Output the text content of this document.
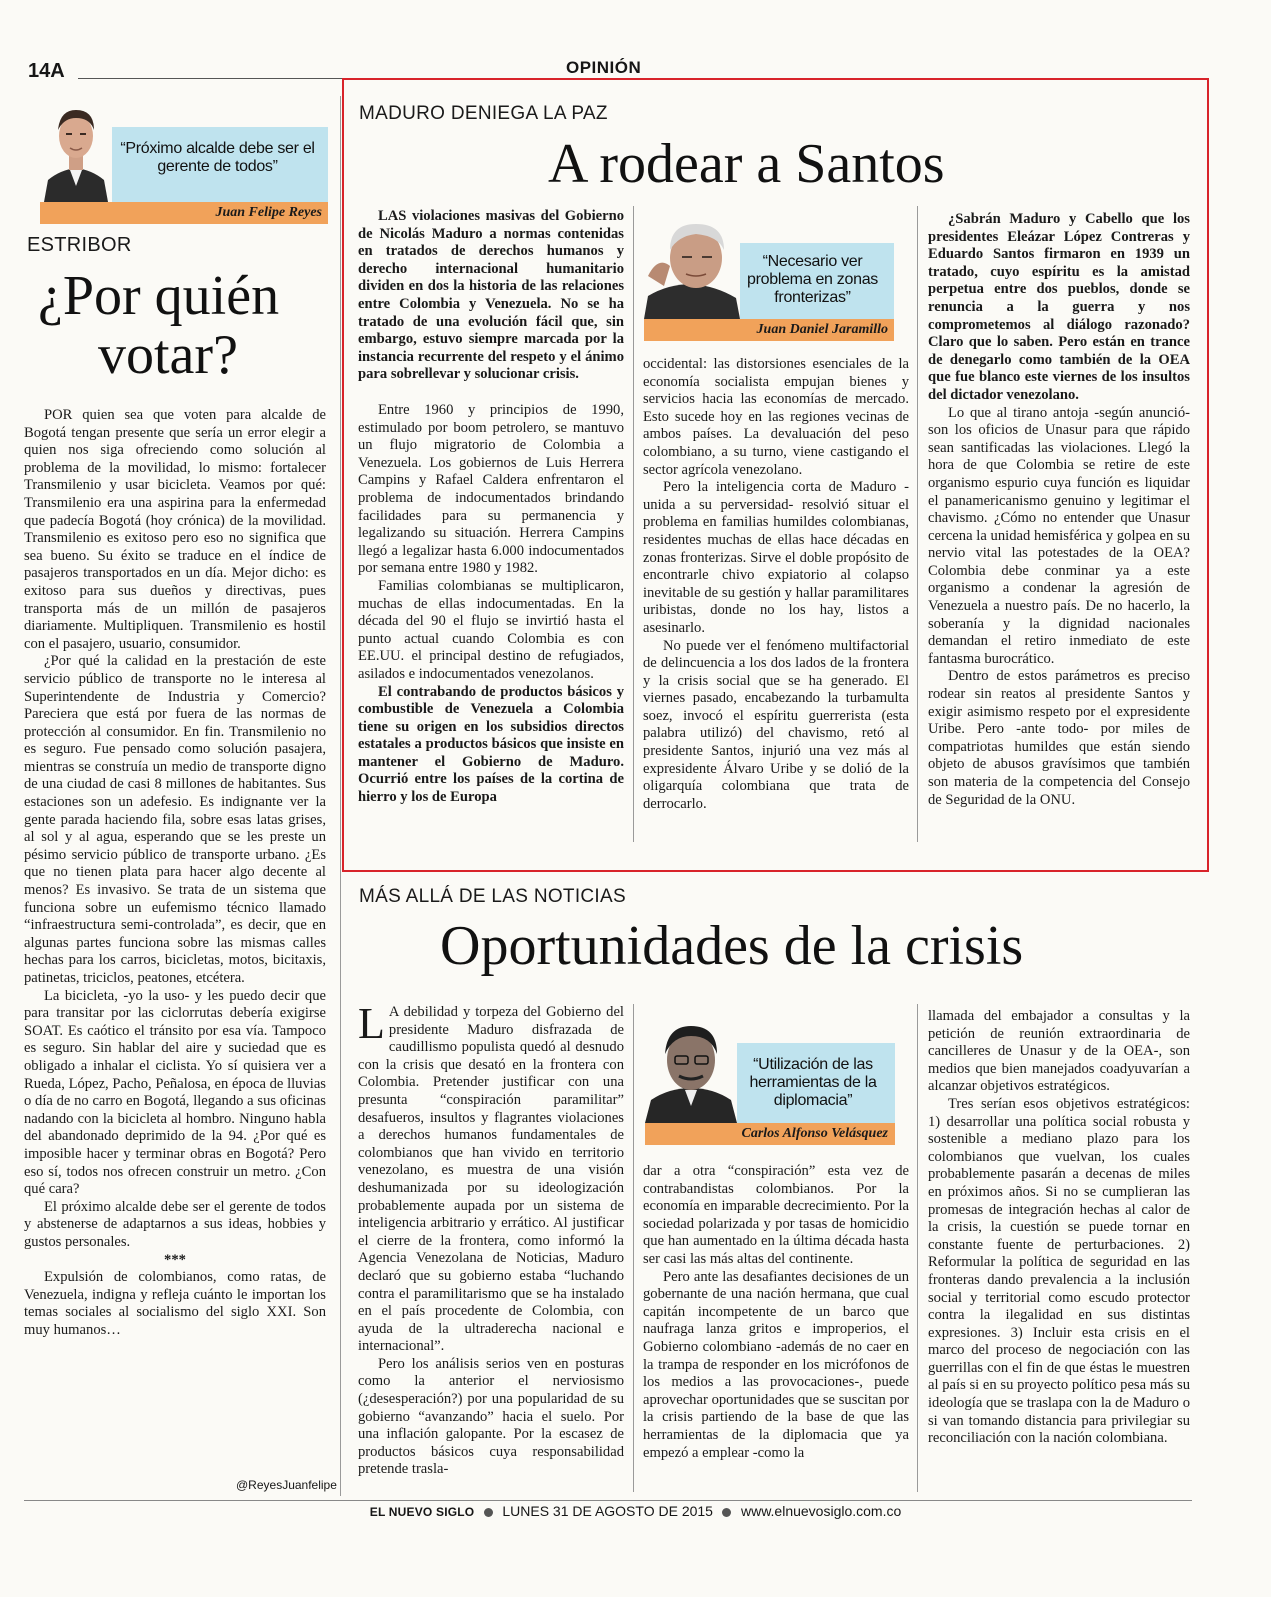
14A	OPINIÓN
“Próximo alcalde debe ser el gerente de todos”
Juan Felipe Reyes
ESTRIBOR
¿Por quién
votar?

POR quien sea que voten para alcalde de Bogotá tengan presente que sería un error elegir a quien nos siga ofreciendo como solución al problema de la movilidad, lo mismo: fortalecer Transmilenio y usar bicicleta. Veamos por qué: Transmilenio era una aspirina para la enfermedad que padecía Bogotá (hoy crónica) de la movilidad. Transmilenio es exitoso pero eso no significa que sea bueno. Su éxito se traduce en el índice de pasajeros transportados en un día. Mejor dicho: es exitoso para sus dueños y directivas, pues transporta más de un millón de pasajeros diariamente. Multipliquen. Transmilenio es hostil con el pasajero, usuario, consumidor.

¿Por qué la calidad en la prestación de este servicio público de transporte no le interesa al Superintendente de Industria y Comercio? Pareciera que está por fuera de las normas de protección al consumidor. En fin. Transmilenio no es seguro. Fue pensado como solución pasajera, mientras se construía un medio de transporte digno de una ciudad de casi 8 millones de habitantes. Sus estaciones son un adefesio. Es indignante ver la gente parada haciendo fila, sobre esas latas grises, al sol y al agua, esperando que se les preste un pésimo servicio público de transporte urbano. ¿Es que no tienen plata para hacer algo decente al menos? Es invasivo. Se trata de un sistema que funciona sobre un eufemismo técnico llamado “infraestructura semi-controlada”, es decir, que en algunas partes funciona sobre las mismas calles hechas para los carros, bicicletas, motos, bicitaxis, patinetas, triciclos, peatones, etcétera.

La bicicleta, -yo la uso- y les puedo decir que para transitar por las ciclorrutas debería exigirse SOAT. Es caótico el tránsito por esa vía. Tampoco es seguro. Sin hablar del aire y suciedad que es obligado a inhalar el ciclista. Yo sí quisiera ver a Rueda, López, Pacho, Peñalosa, en época de lluvias o día de no carro en Bogotá, llegando a sus oficinas nadando con la bicicleta al hombro. Ninguno habla del abandonado deprimido de la 94. ¿Por qué es imposible hacer y terminar obras en Bogotá? Pero eso sí, todos nos ofrecen construir un metro. ¿Con qué cara?

El próximo alcalde debe ser el gerente de todos y abstenerse de adaptarnos a sus ideas, hobbies y gustos personales.

***

Expulsión de colombianos, como ratas, de Venezuela, indigna y refleja cuánto le importan los temas sociales al socialismo del siglo XXI. Son muy humanos…

@ReyesJuanfelipe
MADURO DENIEGA LA PAZ
A rodear a Santos

LAS violaciones masivas del Gobierno de Nicolás Maduro a normas contenidas en tratados de derechos humanos y derecho internacional humanitario dividen en dos la historia de las relaciones entre Colombia y Venezuela. No se ha tratado de una evolución fácil que, sin embargo, estuvo siempre marcada por la instancia recurrente del respeto y el ánimo para sobrellevar y solucionar crisis.

Entre 1960 y principios de 1990, estimulado por boom petrolero, se mantuvo un flujo migratorio de Colombia a Venezuela. Los gobiernos de Luis Herrera Campins y Rafael Caldera enfrentaron el problema de indocumentados brindando facilidades para su permanencia y legalizando su situación. Herrera Campins llegó a legalizar hasta 6.000 indocumentados por semana entre 1980 y 1982.

Familias colombianas se multiplicaron, muchas de ellas indocumentadas. En la década del 90 el flujo se invirtió hasta el punto actual cuando Colombia es con EE.UU. el principal destino de refugiados, asilados e indocumentados venezolanos.

El contrabando de productos básicos y combustible de Venezuela a Colombia tiene su origen en los subsidios directos estatales a productos básicos que insiste en mantener el Gobierno de Maduro. Ocurrió entre los países de la cortina de hierro y los de Europa

“Necesario ver problema en zonas fronterizas”
Juan Daniel Jaramillo

occidental: las distorsiones esenciales de la economía socialista empujan bienes y servicios hacia las economías de mercado. Esto sucede hoy en las regiones vecinas de ambos países. La devaluación del peso colombiano, a su turno, viene castigando el sector agrícola venezolano.

Pero la inteligencia corta de Maduro -unida a su perversidad- resolvió situar el problema en familias humildes colombianas, residentes muchas de ellas hace décadas en zonas fronterizas. Sirve el doble propósito de encontrarle chivo expiatorio al colapso inevitable de su gestión y hallar paramilitares uribistas, donde no los hay, listos a asesinarlo.

No puede ver el fenómeno multifactorial de delincuencia a los dos lados de la frontera y la crisis social que se ha generado. El viernes pasado, encabezando la turbamulta soez, invocó el espíritu guerrerista (esta palabra utilizó) del chavismo, retó al presidente Santos, injurió una vez más al expresidente Álvaro Uribe y se dolió de la oligarquía colombiana que trata de derrocarlo.

¿Sabrán Maduro y Cabello que los presidentes Eleázar López Contreras y Eduardo Santos firmaron en 1939 un tratado, cuyo espíritu es la amistad perpetua entre dos pueblos, donde se renuncia a la guerra y nos comprometemos al diálogo razonado? Claro que lo saben. Pero están en trance de denegarlo como también de la OEA que fue blanco este viernes de los insultos del dictador venezolano.

Lo que al tirano antoja -según anunció- son los oficios de Unasur para que rápido sean santificadas las violaciones. Llegó la hora de que Colombia se retire de este organismo espurio cuya función es liquidar el panamericanismo genuino y legitimar el chavismo. ¿Cómo no entender que Unasur cercena la unidad hemisférica y golpea en su nervio vital las potestades de la OEA? Colombia debe conminar ya a este organismo a condenar la agresión de Venezuela a nuestro país. De no hacerlo, la soberanía y la dignidad nacionales demandan el retiro inmediato de este fantasma burocrático.

Dentro de estos parámetros es preciso rodear sin reatos al presidente Santos y exigir asimismo respeto por el expresidente Uribe. Pero -ante todo- por miles de compatriotas humildes que están siendo objeto de abusos gravísimos que también son materia de la competencia del Consejo de Seguridad de la ONU.

MÁS ALLÁ DE LAS NOTICIAS
Oportunidades de la crisis

L A debilidad y torpeza del Gobierno del presidente Maduro disfrazada de caudillismo populista quedó al desnudo con la crisis que desató en la frontera con Colombia. Pretender justificar con una presunta “conspiración paramilitar” desafueros, insultos y flagrantes violaciones a derechos humanos fundamentales de colombianos que han vivido en territorio venezolano, es muestra de una visión deshumanizada por su ideologización probablemente aupada por un sistema de inteligencia arbitrario y errático. Al justificar el cierre de la frontera, como informó la Agencia Venezolana de Noticias, Maduro declaró que su gobierno estaba “luchando contra el paramilitarismo que se ha instalado en el país procedente de Colombia, con ayuda de la ultraderecha nacional e internacional”.

Pero los análisis serios ven en posturas como la anterior el nerviosismo (¿desesperación?) por una popularidad de su gobierno “avanzando” hacia el suelo. Por una inflación galopante. Por la escasez de productos básicos cuya responsabilidad pretende trasla-

“Utilización de las herramientas de la diplomacia”
Carlos Alfonso Velásquez

dar a otra “conspiración” esta vez de contrabandistas colombianos. Por la economía en imparable decrecimiento. Por la sociedad polarizada y por tasas de homicidio que han aumentado en la última década hasta ser casi las más altas del continente.

Pero ante las desafiantes decisiones de un gobernante de una nación hermana, que cual capitán incompetente de un barco que naufraga lanza gritos e improperios, el Gobierno colombiano -además de no caer en la trampa de responder en los micrófonos de los medios a las provocaciones-, puede aprovechar oportunidades que se suscitan por la crisis partiendo de la base de que las herramientas de la diplomacia que ya empezó a emplear -como la

llamada del embajador a consultas y la petición de reunión extraordinaria de cancilleres de Unasur y de la OEA-, son medios que bien manejados coadyuvarían a alcanzar objetivos estratégicos.

Tres serían esos objetivos estratégicos: 1) desarrollar una política social robusta y sostenible a mediano plazo para los colombianos que vuelvan, los cuales probablemente pasarán a decenas de miles en próximos años. Si no se cumplieran las promesas de integración hechas al calor de la crisis, la cuestión se puede tornar en constante fuente de perturbaciones. 2) Reformular la política de seguridad en las fronteras dando prevalencia a la inclusión social y territorial como escudo protector contra la ilegalidad en sus distintas expresiones. 3) Incluir esta crisis en el marco del proceso de negociación con las guerrillas con el fin de que éstas le muestren al país si en su proyecto político pesa más su ideología que se traslapa con la de Maduro o si van tomando distancia para privilegiar su reconciliación con la nación colombiana.

EL NUEVO SIGLO LUNES 31 DE AGOSTO DE 2015 www.elnuevosiglo.com.co
